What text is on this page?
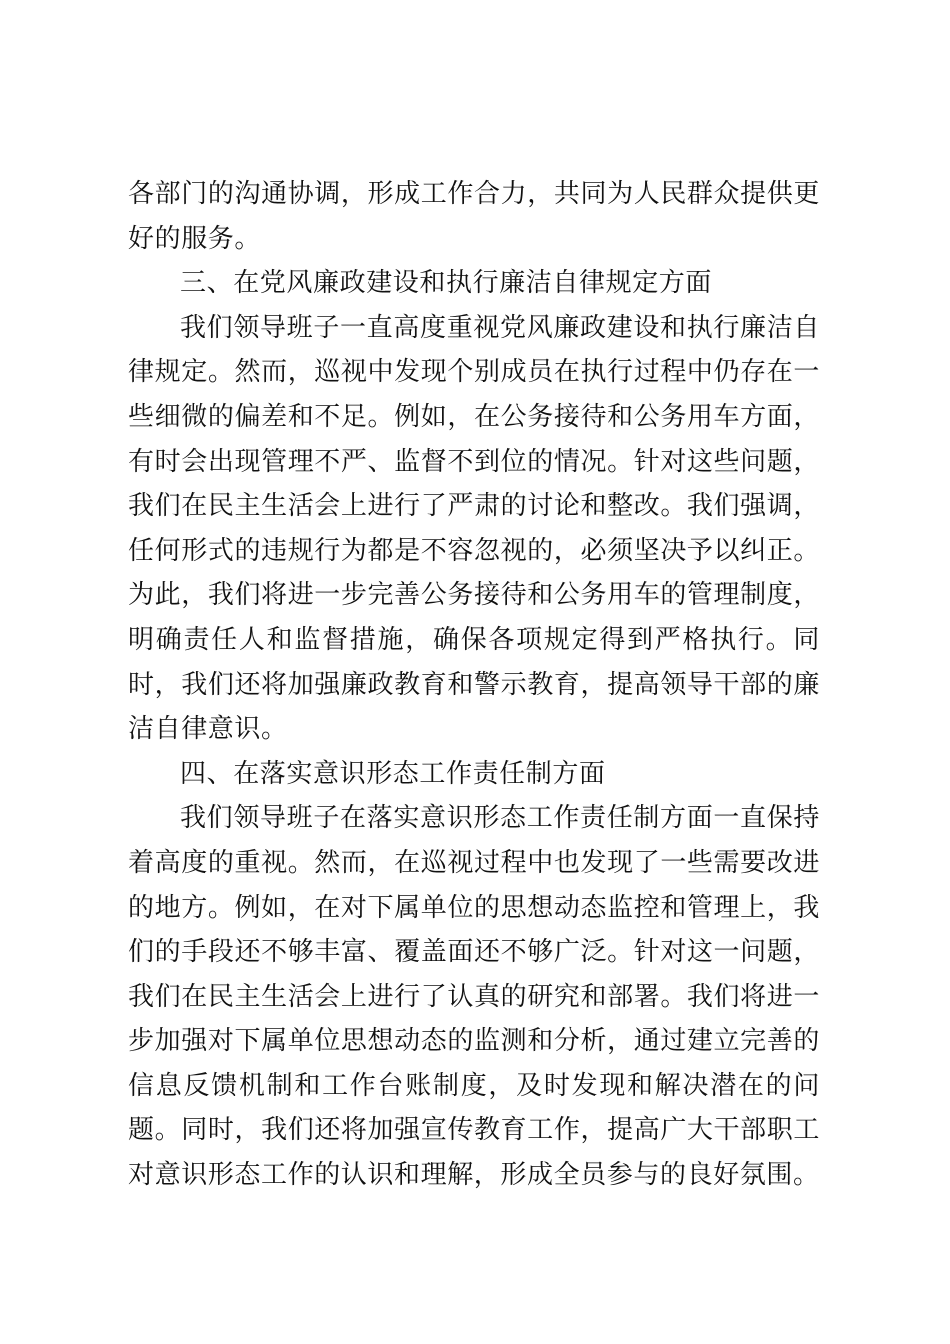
各部门的沟通协调，形成工作合力，共同为人民群众提供更好的服务。

三、在党风廉政建设和执行廉洁自律规定方面

我们领导班子一直高度重视党风廉政建设和执行廉洁自律规定。然而，巡视中发现个别成员在执行过程中仍存在一些细微的偏差和不足。例如，在公务接待和公务用车方面，有时会出现管理不严、监督不到位的情况。针对这些问题，我们在民主生活会上进行了严肃的讨论和整改。我们强调，任何形式的违规行为都是不容忽视的，必须坚决予以纠正。为此，我们将进一步完善公务接待和公务用车的管理制度，明确责任人和监督措施，确保各项规定得到严格执行。同时，我们还将加强廉政教育和警示教育，提高领导干部的廉洁自律意识。

四、在落实意识形态工作责任制方面

我们领导班子在落实意识形态工作责任制方面一直保持着高度的重视。然而，在巡视过程中也发现了一些需要改进的地方。例如，在对下属单位的思想动态监控和管理上，我们的手段还不够丰富、覆盖面还不够广泛。针对这一问题，我们在民主生活会上进行了认真的研究和部署。我们将进一步加强对下属单位思想动态的监测和分析，通过建立完善的信息反馈机制和工作台账制度，及时发现和解决潜在的问题。同时，我们还将加强宣传教育工作，提高广大干部职工对意识形态工作的认识和理解，形成全员参与的良好氛围。
